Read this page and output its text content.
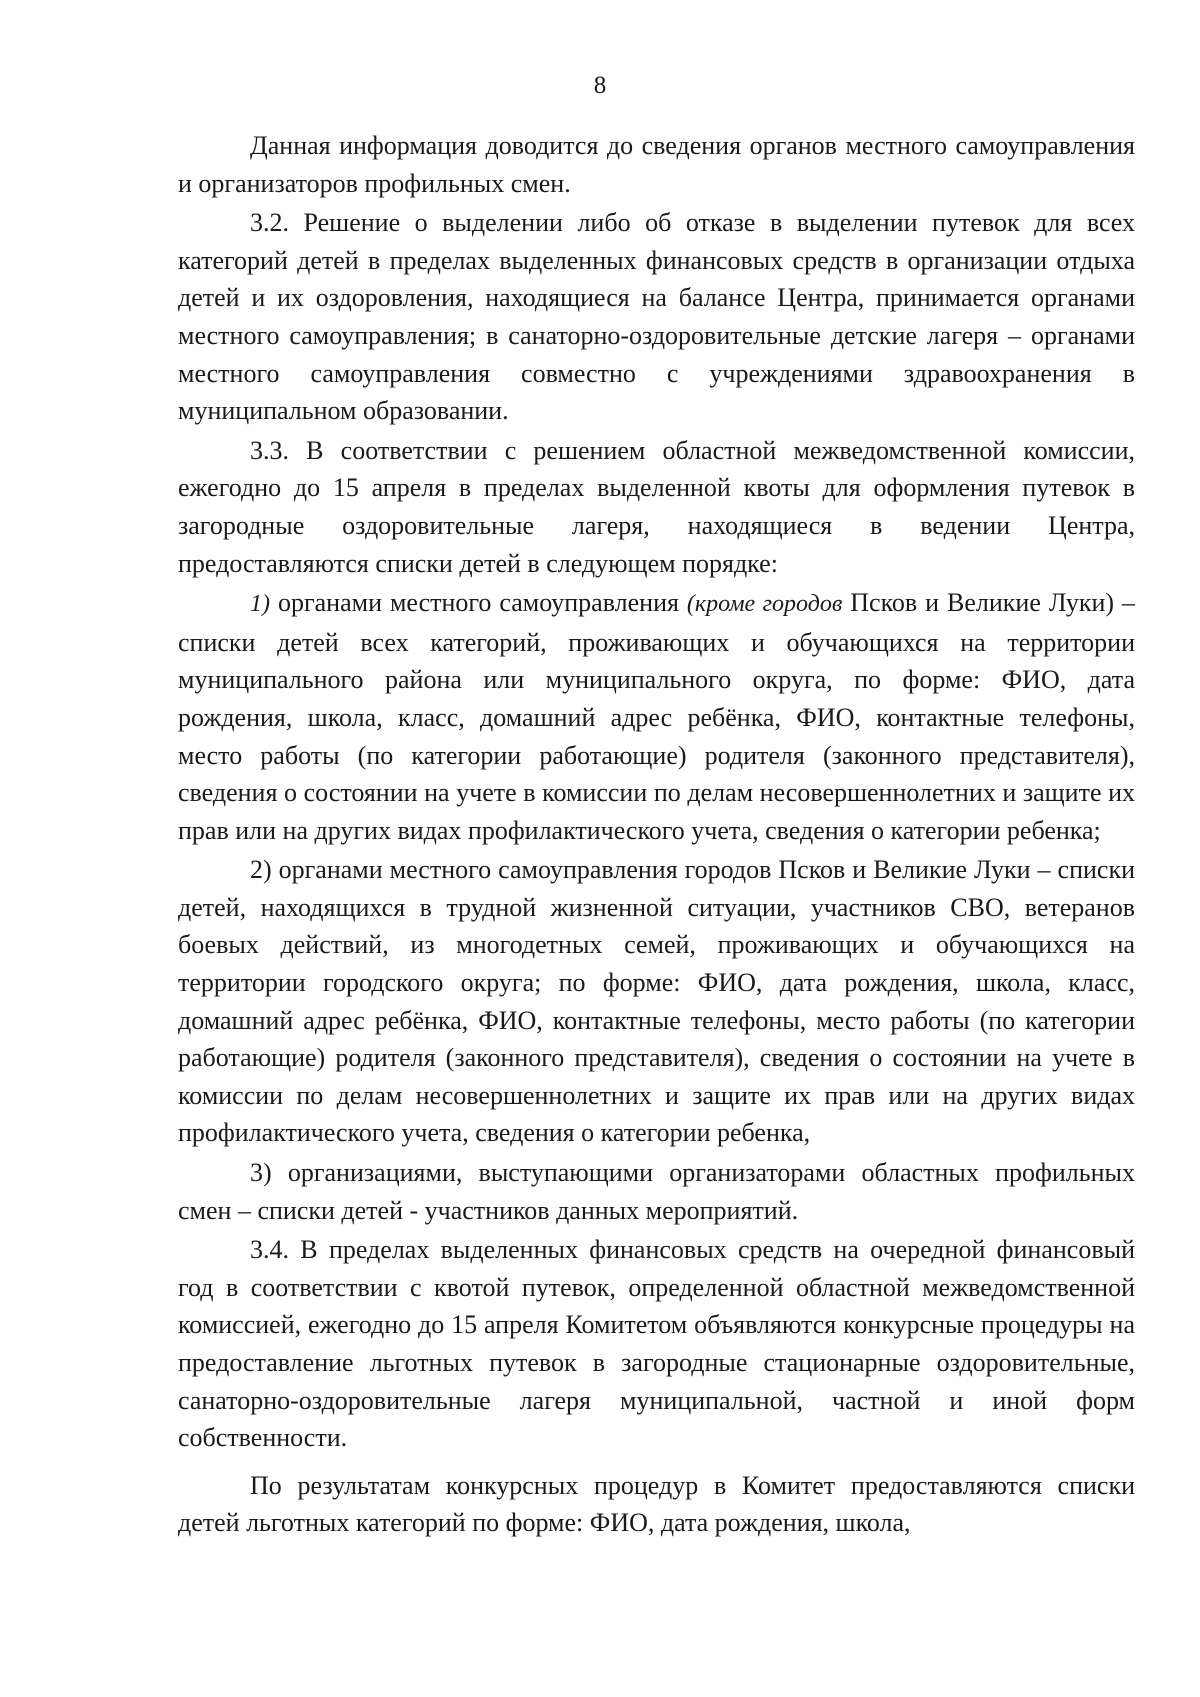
8

Данная информация доводится до сведения органов местного самоуправления и организаторов профильных смен.

3.2. Решение о выделении либо об отказе в выделении путевок для всех категорий детей в пределах выделенных финансовых средств в организации отдыха детей и их оздоровления, находящиеся на балансе Центра, принимается органами местного самоуправления; в санаторно-оздоровительные детские лагеря – органами местного самоуправления совместно с учреждениями здравоохранения в муниципальном образовании.

3.3. В соответствии с решением областной межведомственной комиссии, ежегодно до 15 апреля в пределах выделенной квоты для оформления путевок в загородные оздоровительные лагеря, находящиеся в ведении Центра, предоставляются списки детей в следующем порядке:

1) органами местного самоуправления (кроме городов Псков и Великие Луки) – списки детей всех категорий, проживающих и обучающихся на территории муниципального района или муниципального округа, по форме: ФИО, дата рождения, школа, класс, домашний адрес ребёнка, ФИО, контактные телефоны, место работы (по категории работающие) родителя (законного представителя), сведения о состоянии на учете в комиссии по делам несовершеннолетних и защите их прав или на других видах профилактического учета, сведения о категории ребенка;

2) органами местного самоуправления городов Псков и Великие Луки – списки детей, находящихся в трудной жизненной ситуации, участников СВО, ветеранов боевых действий, из многодетных семей, проживающих и обучающихся на территории городского округа; по форме: ФИО, дата рождения, школа, класс, домашний адрес ребёнка, ФИО, контактные телефоны, место работы (по категории работающие) родителя (законного представителя), сведения о состоянии на учете в комиссии по делам несовершеннолетних и защите их прав или на других видах профилактического учета, сведения о категории ребенка,

3) организациями, выступающими организаторами областных профильных смен – списки детей - участников данных мероприятий.

3.4. В пределах выделенных финансовых средств на очередной финансовый год в соответствии с квотой путевок, определенной областной межведомственной комиссией, ежегодно до 15 апреля Комитетом объявляются конкурсные процедуры на предоставление льготных путевок в загородные стационарные оздоровительные, санаторно-оздоровительные лагеря муниципальной, частной и иной форм собственности.

По результатам конкурсных процедур в Комитет предоставляются списки детей льготных категорий по форме: ФИО, дата рождения, школа,
